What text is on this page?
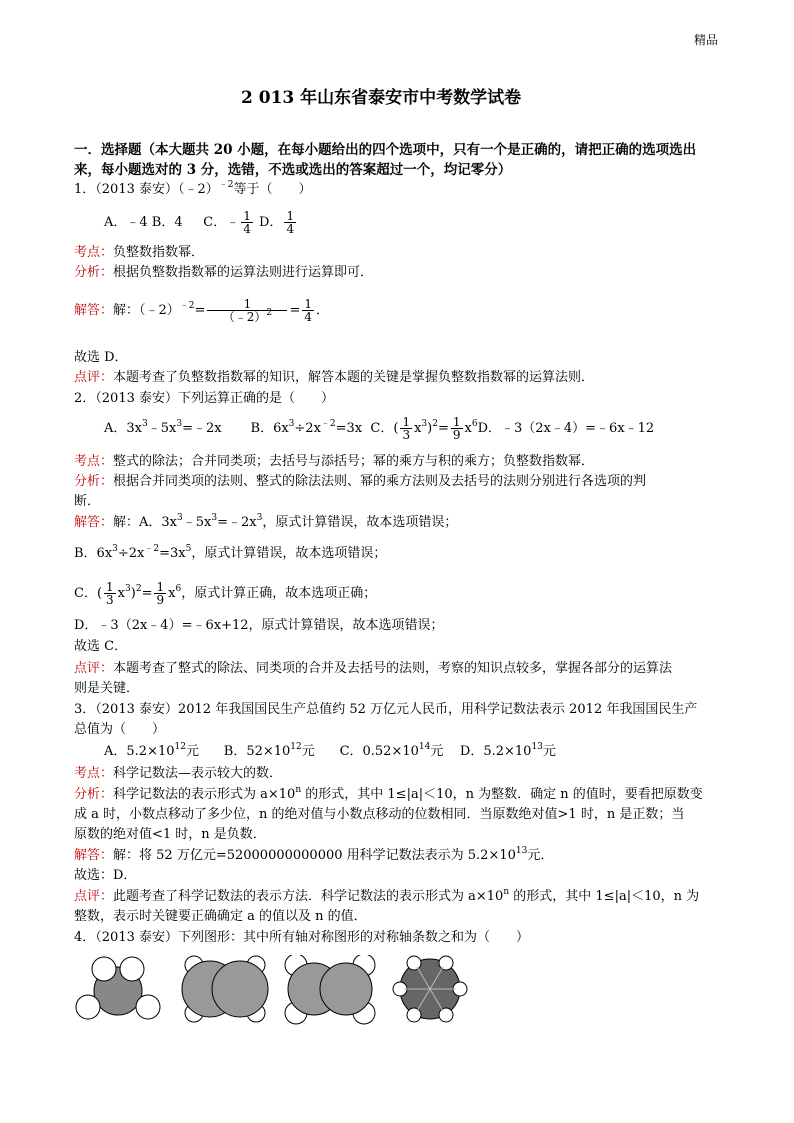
精品
2 013 年山东省泰安市中考数学试卷
一．选择题（本大题共 20 小题，在每小题给出的四个选项中，只有一个是正确的，请把正确的选项选出
来，每小题选对的 3 分，选错，不选或选出的答案超过一个，均记零分）
1．（2013 泰安）（﹣2）$^{﹣2}$等于（　　）
A．﹣4 B．4 C．﹣ $\frac{1}{4}$ D． $\frac{1}{4}$
考点：负整数指数幂．
分析：根据负整数指数幂的运算法则进行运算即可．
解答：解：（﹣2）$^{﹣2}$= $\frac{1}{(﹣2)^2} = \frac{1}{4}$ ．
故选 D．
点评：本题考查了负整数指数幂的知识，解答本题的关键是掌握负整数指数幂的运算法则．
2．（2013 泰安）下列运算正确的是（　　）
A．$3x^3﹣5x^3=﹣2x$ B．$6x^3\div 2x^{﹣2}=3x$ C．( $\frac{1}{3} x^3)^2= \frac{1}{9} x^6D$．﹣3（2x﹣4）=﹣6x﹣12
考点：整式的除法；合并同类项；去括号与添括号；幂的乘方与积的乘方；负整数指数幂．
分析：根据合并同类项的法则、整式的除法法则、幂的乘方法则及去括号的法则分别进行各选项的判
断．
解答：解：A．$3x^3﹣5x^3=﹣2x^3$，原式计算错误，故本选项错误；
B．$6x^3\div 2x^{﹣2}=3x^5$，原式计算错误，故本选项错误；
C．( $\frac{1}{3} x^3)^2= \frac{1}{9} x^6$，原式计算正确，故本选项正确；
D．﹣3（2x﹣4）=﹣6x+12，原式计算错误，故本选项错误；
故选 C．
点评：本题考查了整式的除法、同类项的合并及去括号的法则，考察的知识点较多，掌握各部分的运算法
则是关键．
3．（2013 泰安）2012 年我国国民生产总值约 52 万亿元人民币，用科学记数法表示 2012 年我国国民生产
总值为（　　）
A．$5.2\times 10^{12}$元 B．$52\times 10^{12}$元 C．$0.52\times 10^{14}$元 D．$5.2\times 10^{13}$元
考点：科学记数法—表示较大的数．
分析：科学记数法的表示形式为 $a\times 10^n$ 的形式，其中 1≤|a|＜10，n 为整数．确定 n 的值时，要看把原数变
成 a 时，小数点移动了多少位，n 的绝对值与小数点移动的位数相同．当原数绝对值>1 时，n 是正数；当
原数的绝对值<1 时，n 是负数．
解答：解：将 52 万亿元=52000000000000 用科学记数法表示为 $5.2\times 10^{13}$元．
故选：D．
点评：此题考查了科学记数法的表示方法．科学记数法的表示形式为 $a\times 10^n$ 的形式，其中 1≤|a|＜10，n 为
整数，表示时关键要正确确定 a 的值以及 n 的值．
4．（2013 泰安）下列图形：其中所有轴对称图形的对称轴条数之和为（　　）
